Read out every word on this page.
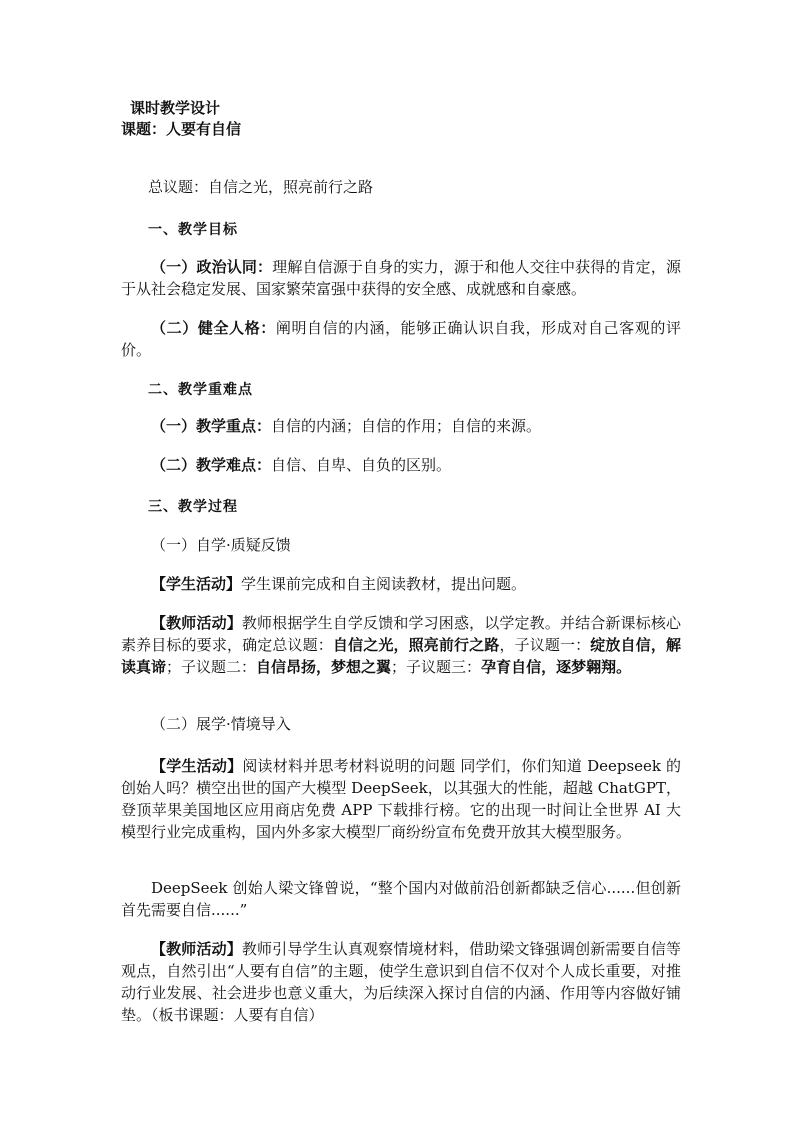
课时教学设计
课题：人要有自信
总议题：自信之光，照亮前行之路
一、教学目标
（一）政治认同：理解自信源于自身的实力，源于和他人交往中获得的肯定，源于从社会稳定发展、国家繁荣富强中获得的安全感、成就感和自豪感。
（二）健全人格：阐明自信的内涵，能够正确认识自我，形成对自己客观的评价。
二、教学重难点
（一）教学重点：自信的内涵；自信的作用；自信的来源。
（二）教学难点：自信、自卑、自负的区别。
三、教学过程
（一）自学·质疑反馈
【学生活动】学生课前完成和自主阅读教材，提出问题。
【教师活动】教师根据学生自学反馈和学习困惑，以学定教。并结合新课标核心素养目标的要求，确定总议题：自信之光，照亮前行之路，子议题一：绽放自信，解读真谛；子议题二：自信昂扬，梦想之翼；子议题三：孕育自信，逐梦翱翔。
（二）展学·情境导入
【学生活动】阅读材料并思考材料说明的问题 同学们，你们知道 Deepseek 的创始人吗？横空出世的国产大模型 DeepSeek，以其强大的性能，超越 ChatGPT，登顶苹果美国地区应用商店免费 APP 下载排行榜。它的出现一时间让全世界 AI 大模型行业完成重构，国内外多家大模型厂商纷纷宣布免费开放其大模型服务。
DeepSeek 创始人梁文锋曾说，“整个国内对做前沿创新都缺乏信心......但创新首先需要自信......”
【教师活动】教师引导学生认真观察情境材料，借助梁文锋强调创新需要自信等观点，自然引出“人要有自信”的主题，使学生意识到自信不仅对个人成长重要，对推动行业发展、社会进步也意义重大，为后续深入探讨自信的内涵、作用等内容做好铺垫。（板书课题：人要有自信）
